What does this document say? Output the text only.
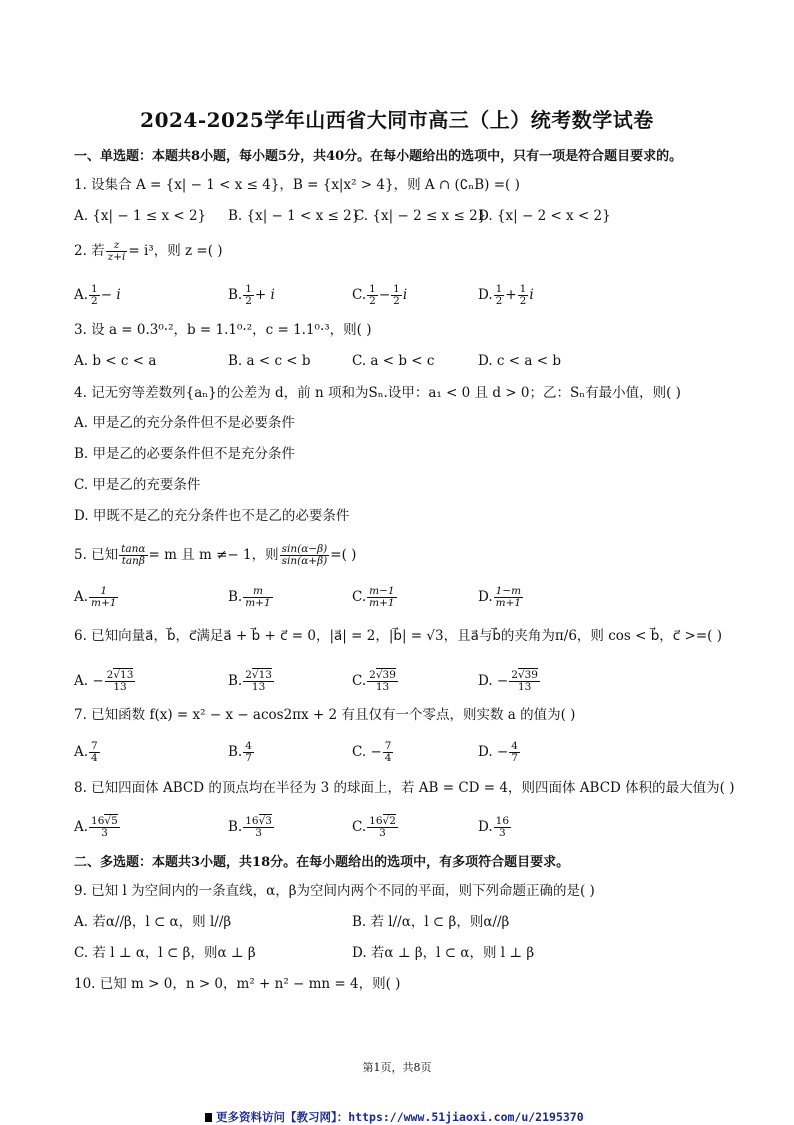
2024-2025学年山西省大同市高三（上）统考数学试卷
一、单选题：本题共8小题，每小题5分，共40分。在每小题给出的选项中，只有一项是符合题目要求的。
1. 设集合 A = {x| − 1 < x ≤ 4}，B = {x|x² > 4}，则 A ∩ (∁ₙB) =( )
A. {x| − 1 ≤ x < 2} B. {x| − 1 < x ≤ 2}
C. {x| − 2 ≤ x ≤ 2}
D. {x| − 2 < x < 2}
2. 若 $\frac{z}{z+i} = i^3$，则 z =( )
A. $\frac{1}{2} - i$	B. $\frac{1}{2} + i$	C. $\frac{1}{2} - \frac{1}{2}$ i	D. $\frac{1}{2} + \frac{1}{2}$ i
3. 设 a = 0.3⁰·²，b = 1.1⁰·²，c = 1.1⁰·³，则( )
A. b < c < a	B. a < c < b	C. a < b < c	D. c < a < b
4. 记无穷等差数列{aₙ}的公差为 d，前 n 项和为Sₙ.设甲：a₁ < 0 且 d > 0；乙：Sₙ有最小值，则( )
A. 甲是乙的充分条件但不是必要条件
B. 甲是乙的必要条件但不是充分条件
C. 甲是乙的充要条件
D. 甲既不是乙的充分条件也不是乙的必要条件
5. 已知 $\frac{\tan\alpha}{\tan\beta} = m$ 且 m ≠− 1，则 $\frac{\sin(\alpha-\beta)}{\sin(\alpha+\beta)}$ =( )
A. $\frac{1}{m+1}$	B. $\frac{m}{m+1}$	C. $\frac{m-1}{m+1}$	D. $\frac{1-m}{m+1}$
6. 已知向量a⃗，b⃗，c⃗满足a⃗ + b⃗ + c⃗ = 0，|a⃗| = 2，|b⃗| = √3，且a⃗与b⃗的夹角为π/6，则 cos < b⃗，c⃗ >=( )
A. − $\frac{2√13}{13}$	B. $\frac{2√13}{13}$	C. $\frac{2√39}{13}$	D. − $\frac{2√39}{13}$
7. 已知函数 f(x) = x² − x − acos2πx + 2 有且仅有一个零点，则实数 a 的值为( )
A. $\frac{7}{4}$	B. $\frac{4}{7}$	C. − $\frac{7}{4}$	D. − $\frac{4}{7}$
8. 已知四面体 ABCD 的顶点均在半径为 3 的球面上，若 AB = CD = 4，则四面体 ABCD 体积的最大值为( )
A. $\frac{16√5}{3}$	B. $\frac{16√3}{3}$	C. $\frac{16√2}{3}$	D. $\frac{16}{3}$
二、多选题：本题共3小题，共18分。在每小题给出的选项中，有多项符合题目要求。
9. 已知 l 为空间内的一条直线，α，β为空间内两个不同的平面，则下列命题正确的是( )
A. 若α//β，l ⊂ α，则 l//β	B. 若 l//α，l ⊂ β，则α//β
C. 若 l ⊥ α，l ⊂ β，则α ⊥ β	D. 若α ⊥ β，l ⊂ α，则 l ⊥ β
10. 已知 m > 0，n > 0，m² + n² − mn = 4，则( )
第1页，共8页
更多资料访问【教习网】：https://www.51jiaoxi.com/u/2195370
